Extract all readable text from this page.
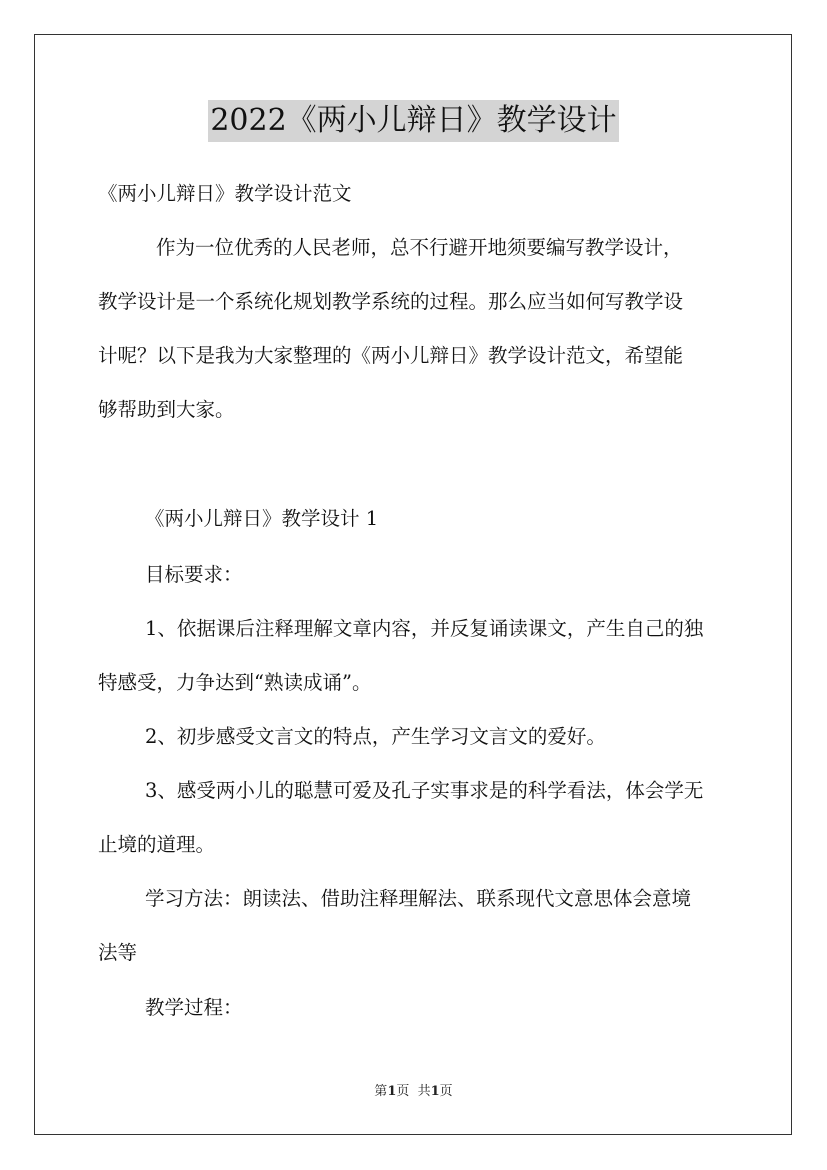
2022《两小儿辩日》教学设计
《两小儿辩日》教学设计范文
作为一位优秀的人民老师，总不行避开地须要编写教学设计，
教学设计是一个系统化规划教学系统的过程。那么应当如何写教学设
计呢？以下是我为大家整理的《两小儿辩日》教学设计范文，希望能
够帮助到大家。
《两小儿辩日》教学设计 1
目标要求：
1、依据课后注释理解文章内容，并反复诵读课文，产生自己的独
特感受，力争达到“熟读成诵”。
2、初步感受文言文的特点，产生学习文言文的爱好。
3、感受两小儿的聪慧可爱及孔子实事求是的科学看法，体会学无
止境的道理。
学习方法：朗读法、借助注释理解法、联系现代文意思体会意境
法等
教学过程：
第1页  共1页
